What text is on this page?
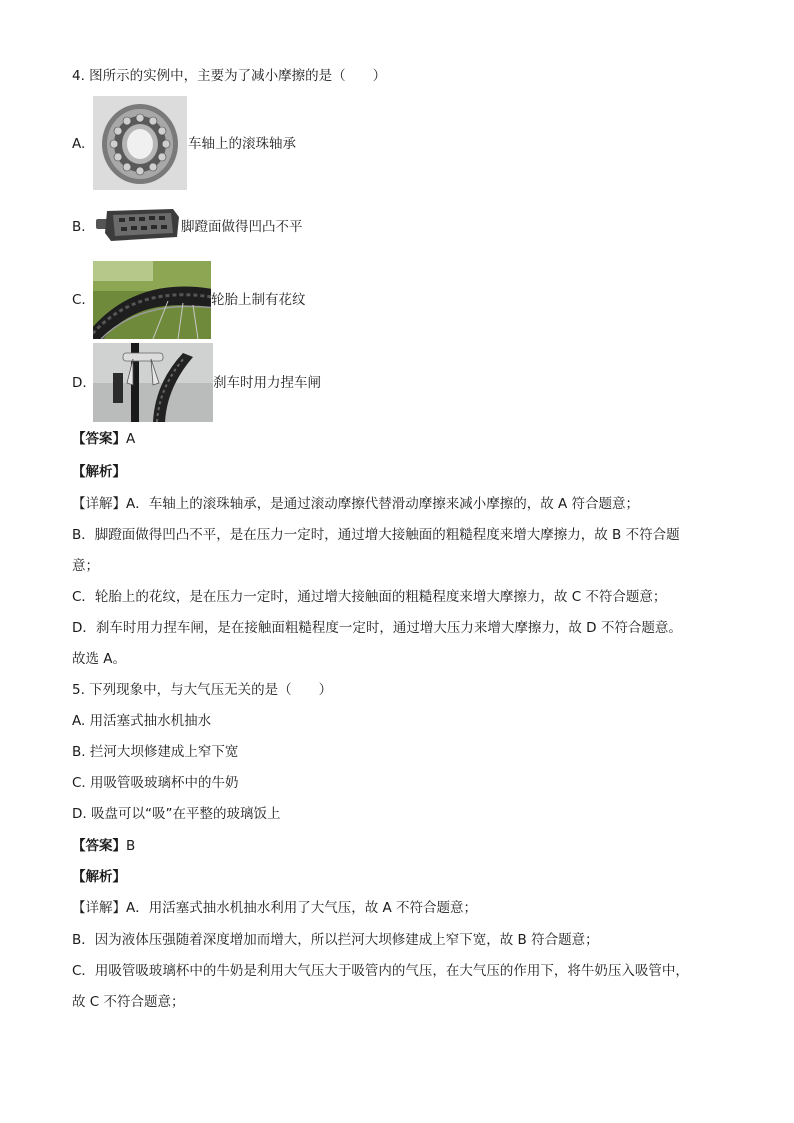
4. 图所示的实例中，主要为了减小摩擦的是（　　）
A.	车轴上的滚珠轴承
B.	脚蹬面做得凹凸不平
C.	轮胎上制有花纹
D.	刹车时用力捏车闸
【答案】A
【解析】
【详解】A．车轴上的滚珠轴承，是通过滚动摩擦代替滑动摩擦来减小摩擦的，故 A 符合题意；
B．脚蹬面做得凹凸不平，是在压力一定时，通过增大接触面的粗糙程度来增大摩擦力，故 B 不符合题
意；
C．轮胎上的花纹，是在压力一定时，通过增大接触面的粗糙程度来增大摩擦力，故 C 不符合题意；
D．刹车时用力捏车闸，是在接触面粗糙程度一定时，通过增大压力来增大摩擦力，故 D 不符合题意。
故选 A。
5. 下列现象中，与大气压无关的是（　　）
A. 用活塞式抽水机抽水
B. 拦河大坝修建成上窄下宽
C. 用吸管吸玻璃杯中的牛奶
D. 吸盘可以“吸”在平整的玻璃饭上
【答案】B
【解析】
【详解】A．用活塞式抽水机抽水利用了大气压，故 A 不符合题意；
B．因为液体压强随着深度增加而增大，所以拦河大坝修建成上窄下宽，故 B 符合题意；
C．用吸管吸玻璃杯中的牛奶是利用大气压大于吸管内的气压，在大气压的作用下，将牛奶压入吸管中，
故 C 不符合题意；
